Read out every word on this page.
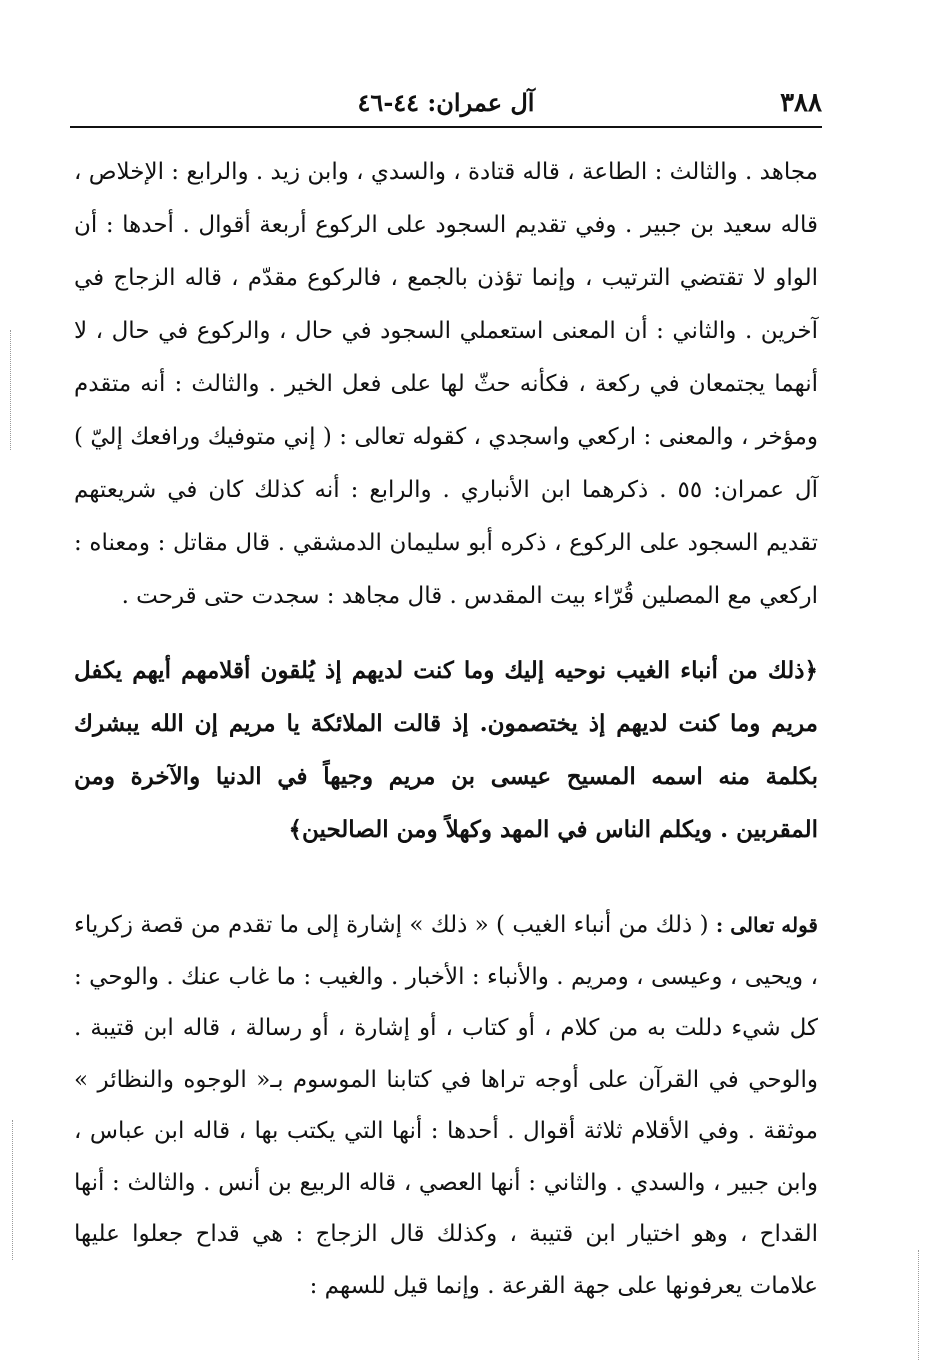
٣٨٨
آل عمران: ٤٤-٤٦

مجاهد . والثالث : الطاعة ، قاله قتادة ، والسدي ، وابن زيد . والرابع : الإخلاص ، قاله سعيد بن جبير . وفي تقديم السجود على الركوع أربعة أقوال . أحدها : أن الواو لا تقتضي الترتيب ، وإنما تؤذن بالجمع ، فالركوع مقدّم ، قاله الزجاج في آخرين . والثاني : أن المعنى استعملي السجود في حال ، والركوع في حال ، لا أنهما يجتمعان في ركعة ، فكأنه حثّ لها على فعل الخير . والثالث : أنه متقدم ومؤخر ، والمعنى : اركعي واسجدي ، كقوله تعالى : ( إني متوفيك ورافعك إليّ ) آل عمران: ٥٥ . ذكرهما ابن الأنباري . والرابع : أنه كذلك كان في شريعتهم تقديم السجود على الركوع ، ذكره أبو سليمان الدمشقي . قال مقاتل : ومعناه : اركعي مع المصلين قُرّاء بيت المقدس . قال مجاهد : سجدت حتى قرحت .

﴿ذلك من أنباء الغيب نوحيه إليك وما كنت لديهم إذ يُلقون أقلامهم أيهم يكفل مريم وما كنت لديهم إذ يختصمون. إذ قالت الملائكة يا مريم إن الله يبشرك بكلمة منه اسمه المسيح عيسى بن مريم وجيهاً في الدنيا والآخرة ومن المقربين . ويكلم الناس في المهد وكهلاً ومن الصالحين﴾

قوله تعالى : ( ذلك من أنباء الغيب ) « ذلك » إشارة إلى ما تقدم من قصة زكرياء ، ويحيى ، وعيسى ، ومريم . والأنباء : الأخبار . والغيب : ما غاب عنك . والوحي : كل شيء دللت به من كلام ، أو كتاب ، أو إشارة ، أو رسالة ، قاله ابن قتيبة . والوحي في القرآن على أوجه تراها في كتابنا الموسوم بـ« الوجوه والنظائر » موثقة . وفي الأقلام ثلاثة أقوال . أحدها : أنها التي يكتب بها ، قاله ابن عباس ، وابن جبير ، والسدي . والثاني : أنها العصي ، قاله الربيع بن أنس . والثالث : أنها القداح ، وهو اختيار ابن قتيبة ، وكذلك قال الزجاج : هي قداح جعلوا عليها علامات يعرفونها على جهة القرعة . وإنما قيل للسهم :
